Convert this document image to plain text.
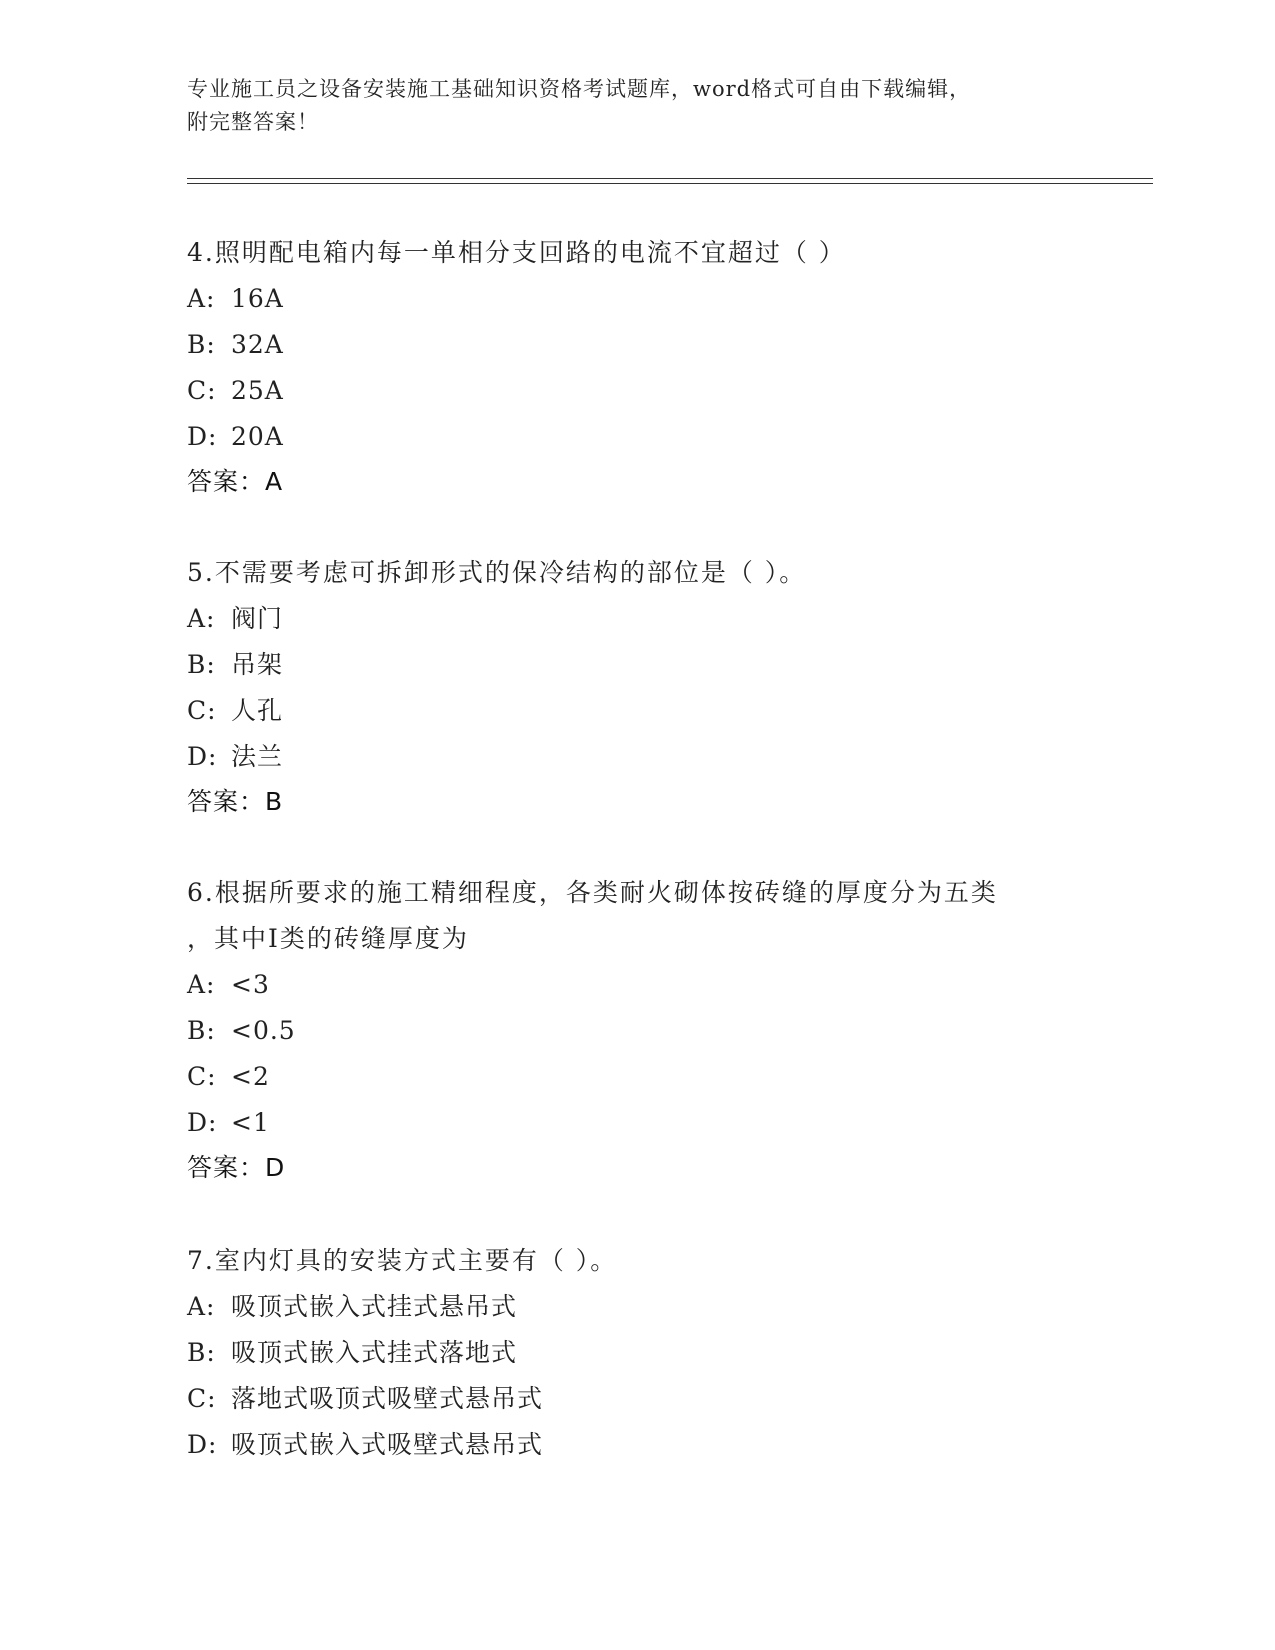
专业施工员之设备安装施工基础知识资格考试题库，word格式可自由下载编辑，
附完整答案！
4.照明配电箱内每一单相分支回路的电流不宜超过（ ）
A: 16A
B: 32A
C: 25A
D: 20A
答案：A
5.不需要考虑可拆卸形式的保冷结构的部位是（ ）。
A: 阀门
B: 吊架
C: 人孔
D: 法兰
答案：B
6.根据所要求的施工精细程度，各类耐火砌体按砖缝的厚度分为五类
，其中Ⅰ类的砖缝厚度为
A: <3
B: <0.5
C: <2
D: <1
答案：D
7.室内灯具的安装方式主要有（ ）。
A: 吸顶式嵌入式挂式悬吊式
B: 吸顶式嵌入式挂式落地式
C: 落地式吸顶式吸壁式悬吊式
D: 吸顶式嵌入式吸壁式悬吊式
